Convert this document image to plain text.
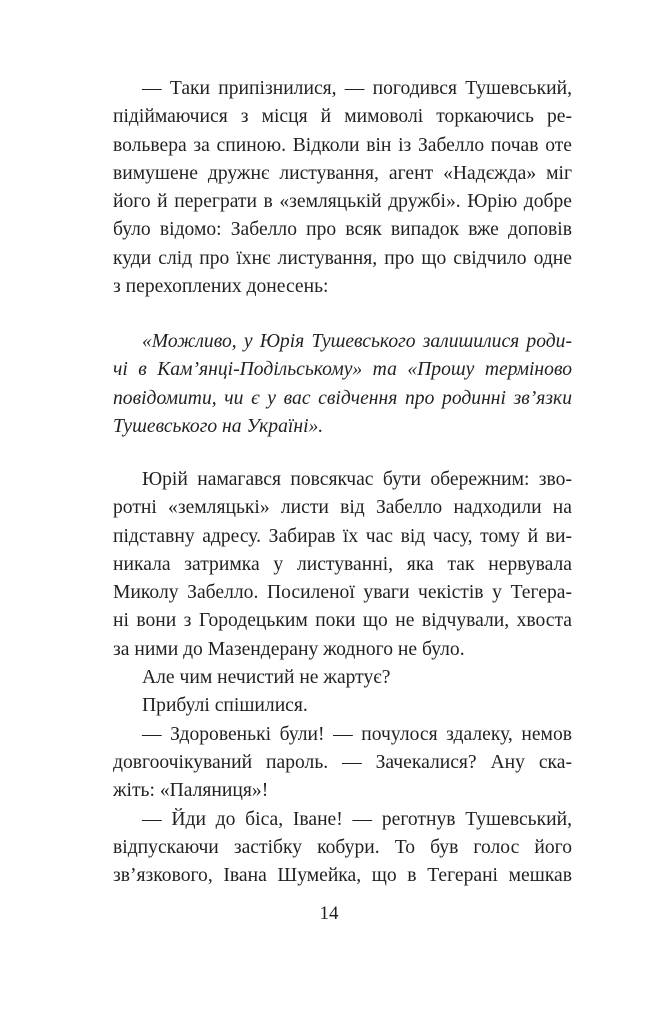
— Таки припізнилися, — погодився Тушевський,
підіймаючися з місця й мимоволі торкаючись ре-
вольвера за спиною. Відколи він із Забелло почав оте
вимушене дружнє листування, агент «Надєжда» міг
його й переграти в «земляцькій дружбі». Юрію добре
було відомо: Забелло про всяк випадок вже доповів
куди слід про їхнє листування, про що свідчило одне
з перехоплених донесень:
«Можливо, у Юрія Тушевського залишилися роди-
чі в Кам’янці-Подільському» та «Прошу терміново
повідомити, чи є у вас свідчення про родинні зв’язки
Тушевського на Україні».
Юрій намагався повсякчас бути обережним: зво-
ротні «земляцькі» листи від Забелло надходили на
підставну адресу. Забирав їх час від часу, тому й ви-
никала затримка у листуванні, яка так нервувала
Миколу Забелло. Посиленої уваги чекістів у Тегера-
ні вони з Городецьким поки що не відчували, хвоста
за ними до Мазендерану жодного не було.
Але чим нечистий не жартує?
Прибулі спішилися.
— Здоровенькі були! — почулося здалеку, немов
довгоочікуваний пароль. — Зачекалися? Ану ска-
жіть: «Паляниця»!
— Йди до біса, Іване! — реготнув Тушевський,
відпускаючи застібку кобури. То був голос його
зв’язкового, Івана Шумейка, що в Тегерані мешкав
14
